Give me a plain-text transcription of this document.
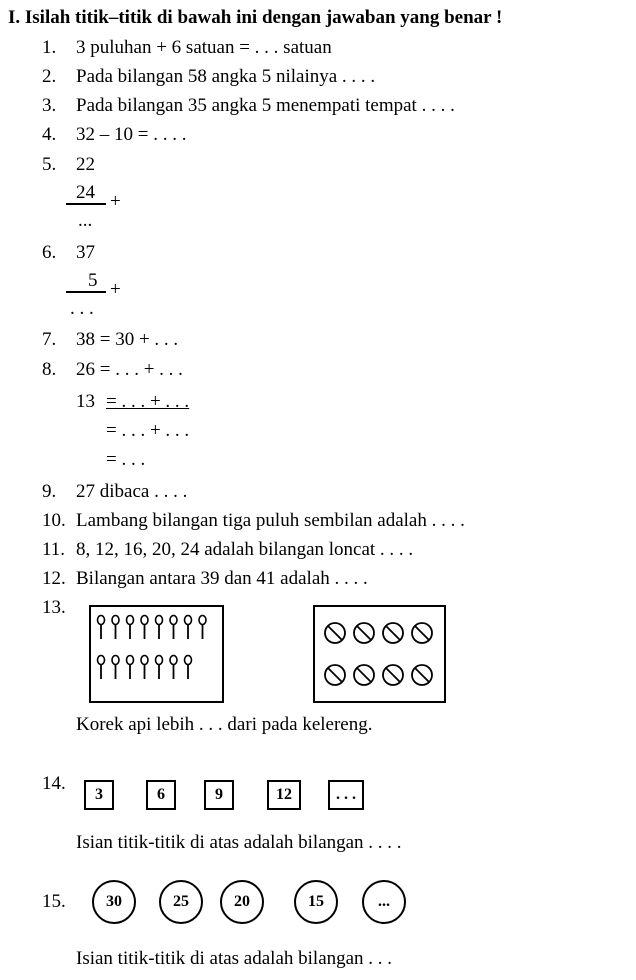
I. Isilah titik–titik di bawah ini dengan jawaban yang benar !
1. 3 puluhan + 6 satuan = . . . satuan
2. Pada bilangan 58 angka 5 nilainya . . . .
3. Pada bilangan 35 angka 5 menempati tempat . . . .
4. 32 – 10 = . . . .
5. 22
24 +
...
6. 37
5 +
. . .
7. 38 = 30 + . . .
8. 26 = . . . + . . .
13 = . . . + . . .
= . . . + . . .
= . . .
9. 27 dibaca . . . .
10. Lambang bilangan tiga puluh sembilan adalah . . . .
11. 8, 12, 16, 20, 24 adalah bilangan loncat . . . .
12. Bilangan antara 39 dan 41 adalah . . . .
13.
Korek api lebih . . . dari pada kelereng.
14.
3	6	9	12	. . .
Isian titik-titik di atas adalah bilangan . . . .
15.	30	25	20	15	...
Isian titik-titik di atas adalah bilangan . . .
